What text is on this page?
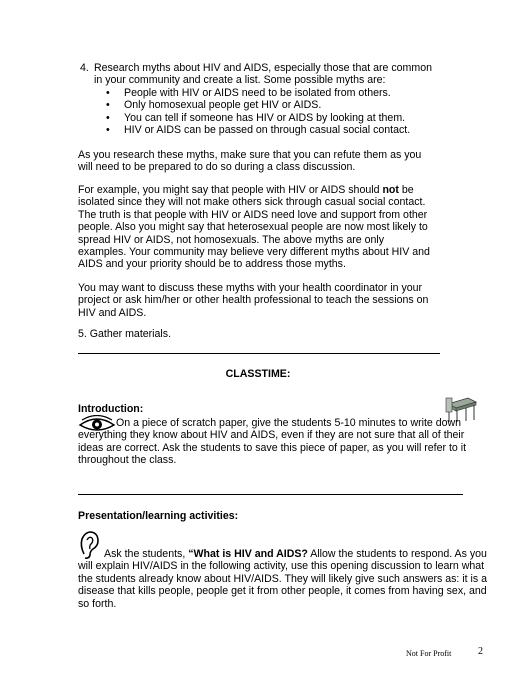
4. Research myths about HIV and AIDS, especially those that are common in your community and create a list. Some possible myths are:
• People with HIV or AIDS need to be isolated from others.
• Only homosexual people get HIV or AIDS.
• You can tell if someone has HIV or AIDS by looking at them.
• HIV or AIDS can be passed on through casual social contact.

As you research these myths, make sure that you can refute them as you will need to be prepared to do so during a class discussion.

For example, you might say that people with HIV or AIDS should not be isolated since they will not make others sick through casual social contact. The truth is that people with HIV or AIDS need love and support from other people. Also you might say that heterosexual people are now most likely to spread HIV or AIDS, not homosexuals. The above myths are only examples. Your community may believe very different myths about HIV and AIDS and your priority should be to address those myths.

You may want to discuss these myths with your health coordinator in your project or ask him/her or other health professional to teach the sessions on HIV and AIDS.

5. Gather materials.

CLASSTIME:
Introduction:

On a piece of scratch paper, give the students 5-10 minutes to write down everything they know about HIV and AIDS, even if they are not sure that all of their ideas are correct. Ask the students to save this piece of paper, as you will refer to it throughout the class.

Presentation/learning activities:

Ask the students, “What is HIV and AIDS? Allow the students to respond. As you will explain HIV/AIDS in the following activity, use this opening discussion to learn what the students already know about HIV/AIDS. They will likely give such answers as: it is a disease that kills people, people get it from other people, it comes from having sex, and so forth.

Not For Profit	2
